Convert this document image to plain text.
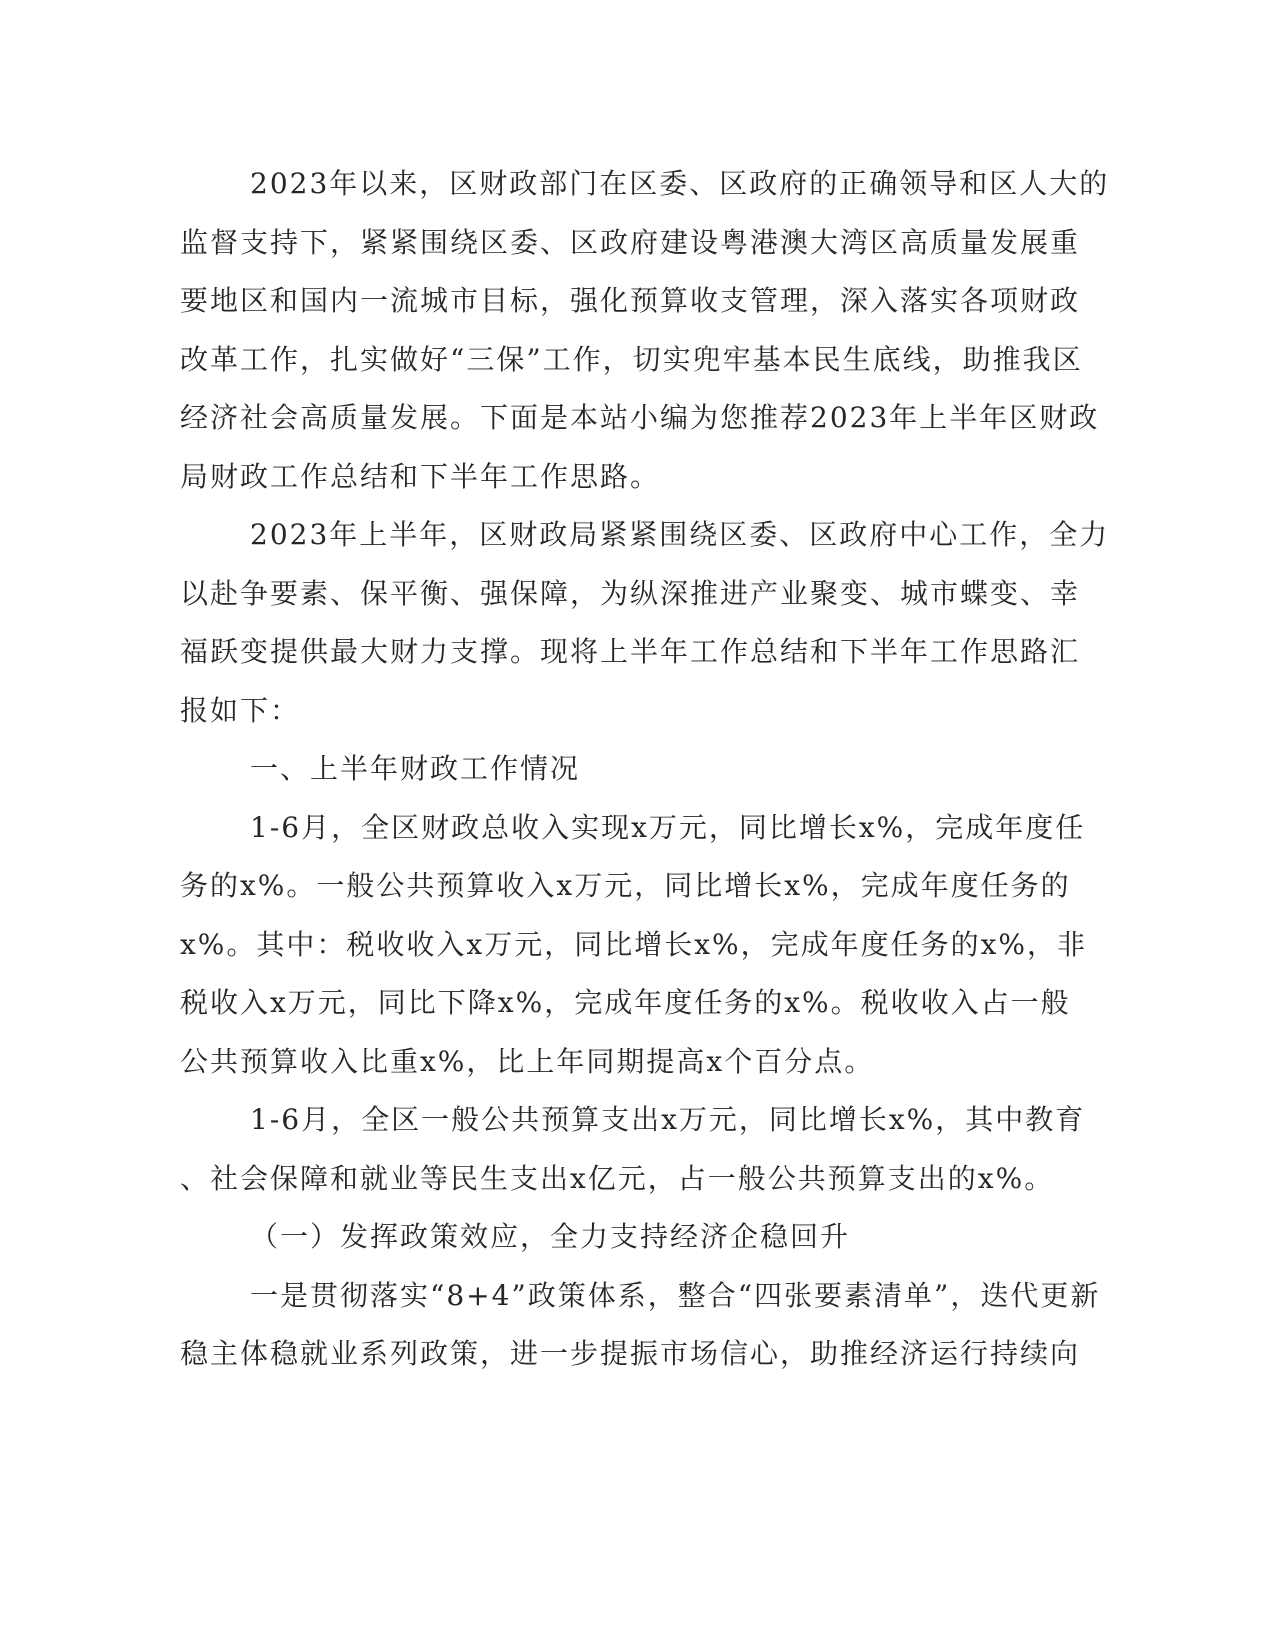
2023年以来，区财政部门在区委、区政府的正确领导和区人大的
监督支持下，紧紧围绕区委、区政府建设粤港澳大湾区高质量发展重
要地区和国内一流城市目标，强化预算收支管理，深入落实各项财政
改革工作，扎实做好“三保”工作，切实兜牢基本民生底线，助推我区
经济社会高质量发展。下面是本站小编为您推荐2023年上半年区财政
局财政工作总结和下半年工作思路。
2023年上半年，区财政局紧紧围绕区委、区政府中心工作，全力
以赴争要素、保平衡、强保障，为纵深推进产业聚变、城市蝶变、幸
福跃变提供最大财力支撑。现将上半年工作总结和下半年工作思路汇
报如下：
一、上半年财政工作情况
1-6月，全区财政总收入实现x万元，同比增长x%，完成年度任
务的x%。一般公共预算收入x万元，同比增长x%，完成年度任务的
x%。其中：税收收入x万元，同比增长x%，完成年度任务的x%，非
税收入x万元，同比下降x%，完成年度任务的x%。税收收入占一般
公共预算收入比重x%，比上年同期提高x个百分点。
1-6月，全区一般公共预算支出x万元，同比增长x%，其中教育
、社会保障和就业等民生支出x亿元，占一般公共预算支出的x%。
（一）发挥政策效应，全力支持经济企稳回升
一是贯彻落实“8+4”政策体系，整合“四张要素清单”，迭代更新
稳主体稳就业系列政策，进一步提振市场信心，助推经济运行持续向
